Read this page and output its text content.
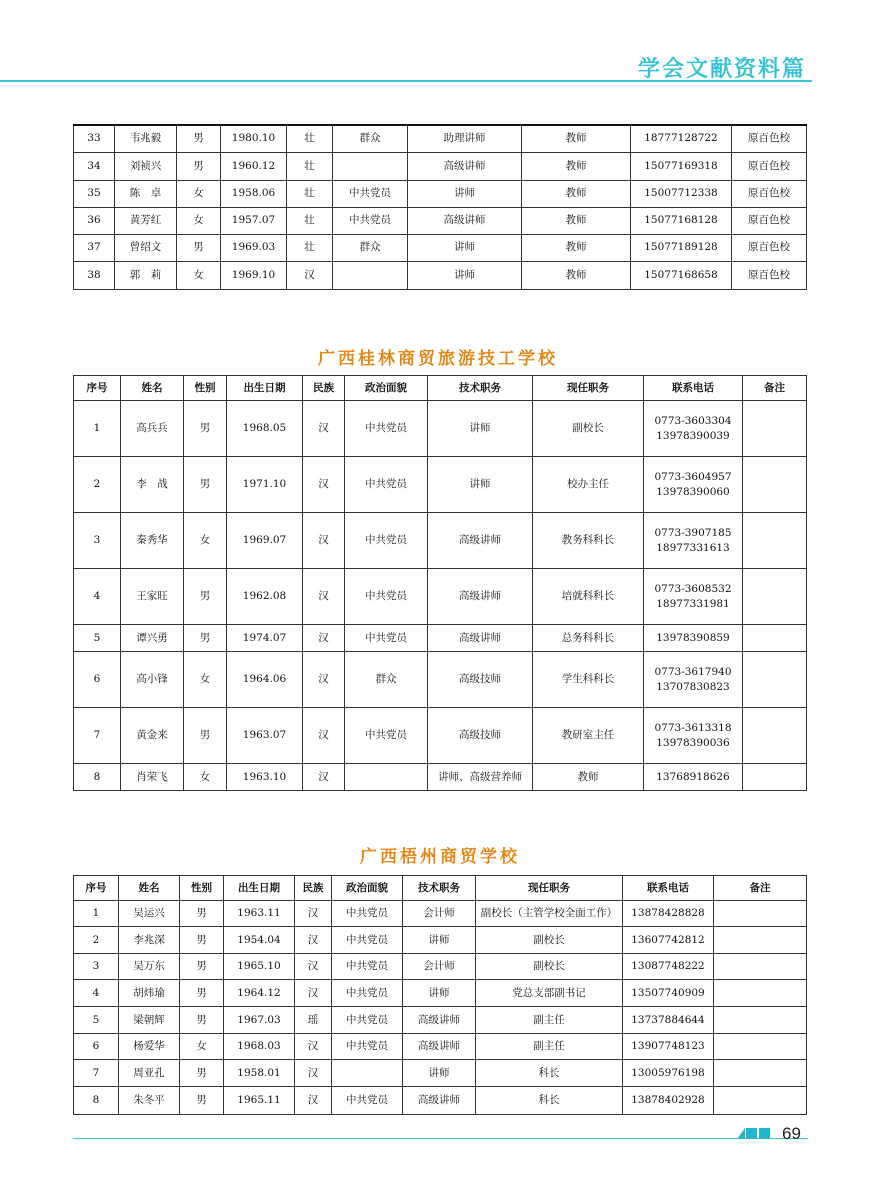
学会文献资料篇
33	韦兆毅	男	1980.10	壮	群众	助理讲师	教师	18777128722	原百色校
34	刘祯兴	男	1960.12	壮		高级讲师	教师	15077169318	原百色校
35	陈　卓	女	1958.06	壮	中共党员	讲师	教师	15007712338	原百色校
36	黄芳红	女	1957.07	壮	中共党员	高级讲师	教师	15077168128	原百色校
37	曾绍文	男	1969.03	壮	群众	讲师	教师	15077189128	原百色校
38	郭　莉	女	1969.10	汉		讲师	教师	15077168658	原百色校
广西桂林商贸旅游技工学校
序号	姓名	性别	出生日期	民族	政治面貌	技术职务	现任职务	联系电话	备注
1	高兵兵	男	1968.05	汉	中共党员	讲师	副校长	0773-3603304
13978390039	
2	李　战	男	1971.10	汉	中共党员	讲师	校办主任	0773-3604957
13978390060	
3	秦秀华	女	1969.07	汉	中共党员	高级讲师	教务科科长	0773-3907185
18977331613	
4	王家旺	男	1962.08	汉	中共党员	高级讲师	培就科科长	0773-3608532
18977331981	
5	谭兴勇	男	1974.07	汉	中共党员	高级讲师	总务科科长	13978390859	
6	高小锋	女	1964.06	汉	群众	高级技师	学生科科长	0773-3617940
13707830823	
7	黄金来	男	1963.07	汉	中共党员	高级技师	教研室主任	0773-3613318
13978390036	
8	肖荣飞	女	1963.10	汉		讲师、高级营养师	教师	13768918626	
广西梧州商贸学校
序号	姓名	性别	出生日期	民族	政治面貌	技术职务	现任职务	联系电话	备注
1	吴运兴	男	1963.11	汉	中共党员	会计师	副校长（主管学校全面工作）	13878428828	
2	李兆深	男	1954.04	汉	中共党员	讲师	副校长	13607742812	
3	吴万东	男	1965.10	汉	中共党员	会计师	副校长	13087748222	
4	胡炜瑜	男	1964.12	汉	中共党员	讲师	党总支部副书记	13507740909	
5	梁朝辉	男	1967.03	瑶	中共党员	高级讲师	副主任	13737884644	
6	杨爱华	女	1968.03	汉	中共党员	高级讲师	副主任	13907748123	
7	周亚孔	男	1958.01	汉		讲师	科长	13005976198	
8	朱冬平	男	1965.11	汉	中共党员	高级讲师	科长	13878402928	
69
